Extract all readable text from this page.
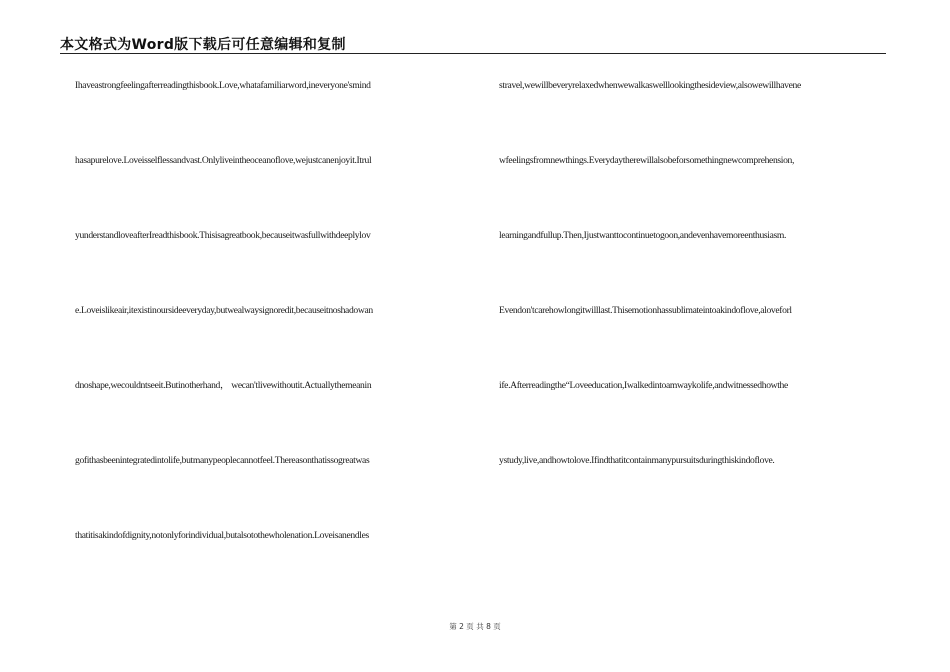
本文格式为Word版下载后可任意编辑和复制
Ihaveastrongfeelingafterreadingthisbook.Love,whatafamiliarword,ineveryone'smind
hasapurelove.Loveisselflessandvast.Onlyliveintheoceanoflove,wejustcanenjoyit.Itrul
yunderstandloveafterIreadthisbook.Thisisagreatbook,becauseitwasfullwithdeeplylov
e.Loveislikeair,itexistinoursideeveryday,butwealwaysignoredit,becauseitnoshadowan
dnoshape,wecouldntseeit.Butinotherhand， wecan'tlivewithoutit.Actuallythemeanin
gofithasbeenintegratedintolife,butmanypeoplecannotfeel.Thereasonthatissogreatwas
thatitisakindofdignity,notonlyforindividual,butalsotothewholenation.Loveisanendles
stravel,wewillbeveryrelaxedwhenwewalkaswelllookingthesideview,alsowewillhavene
wfeelingsfromnewthings.Everydaytherewillalsobeforsomethingnewcomprehension,
learningandfullup.Then,Ijustwanttocontinuetogoon,andevenhavemoreenthusiasm.
Evendon'tcarehowlongitwilllast.Thisemotionhassublimateintoakindoflove,aloveforl
ife.Afterreadingthe“Loveeducation,Iwalkedintoamwaykolife,andwitnessedhowthe
ystudy,live,andhowtolove.Ifindthatitcontainmanypursuitsduringthiskindoflove.
第 2 页 共 8 页
